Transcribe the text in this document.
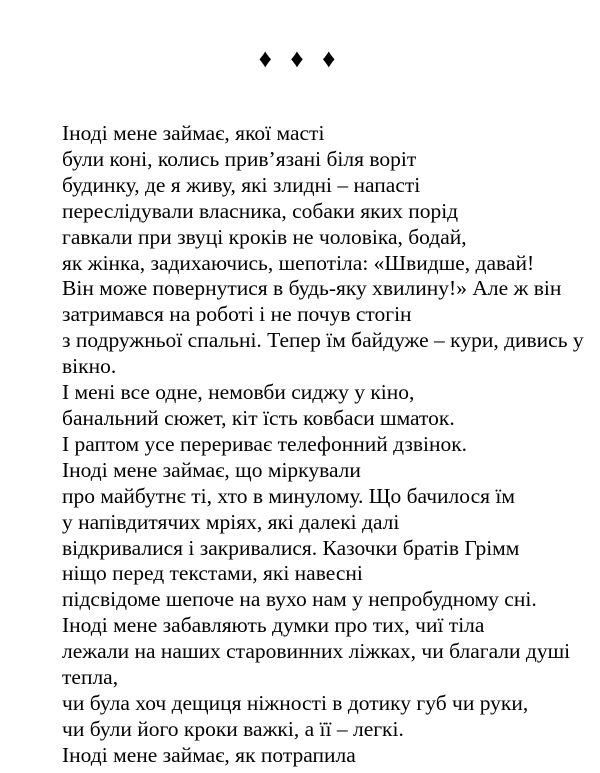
♦ ♦ ♦
Іноді мене займає, якої масті
були коні, колись прив’язані біля воріт
будинку, де я живу, які злидні – напасті
переслідували власника, собаки яких порід
гавкали при звуці кроків не чоловіка, бодай,
як жінка, задихаючись, шепотіла: «Швидше, давай!
Він може повернутися в будь-яку хвилину!» Але ж він
затримався на роботі і не почув стогін
з подружньої спальні. Тепер їм байдуже – кури, дивись у
вікно.
І мені все одне, немовби сиджу у кіно,
банальний сюжет, кіт їсть ковбаси шматок.
І раптом усе перериває телефонний дзвінок.
Іноді мене займає, що міркували
про майбутнє ті, хто в минулому. Що бачилося їм
у напівдитячих мріях, які далекі далі
відкривалися і закривалися. Казочки братів Грімм
ніщо перед текстами, які навесні
підсвідоме шепоче на вухо нам у непробудному сні.
Іноді мене забавляють думки про тих, чиї тіла
лежали на наших старовинних ліжках, чи благали душі
тепла,
чи була хоч дещиця ніжності в дотику губ чи руки,
чи були його кроки важкі, а її – легкі.
Іноді мене займає, як потрапила
